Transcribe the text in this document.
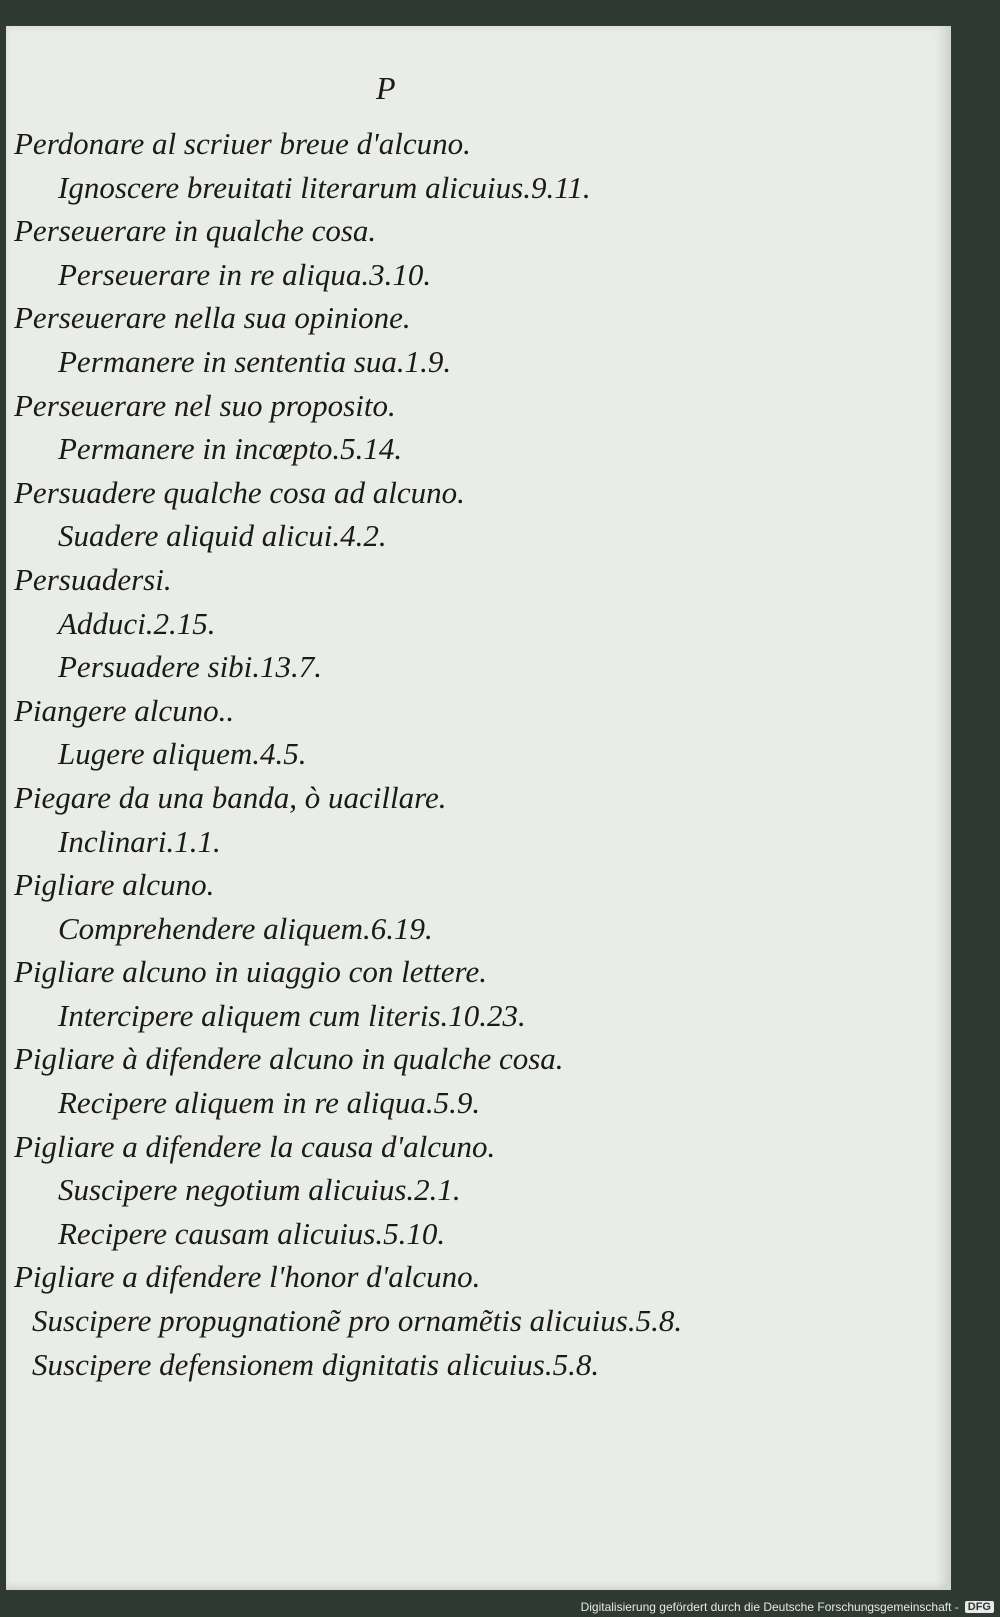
P
Perdonare al scriuer breue d'alcuno.
Ignoscere breuitati literarum alicuius.9.11.
Perseuerare in qualche cosa.
Perseuerare in re aliqua.3.10.
Perseuerare nella sua opinione.
Permanere in sententia sua.1.9.
Perseuerare nel suo proposito.
Permanere in incœpto.5.14.
Persuadere qualche cosa ad alcuno.
Suadere aliquid alicui.4.2.
Persuadersi.
Adduci.2.15.
Persuadere sibi.13.7.
Piangere alcuno..
Lugere aliquem.4.5.
Piegare da una banda, ò uacillare.
Inclinari.1.1.
Pigliare alcuno.
Comprehendere aliquem.6.19.
Pigliare alcuno in uiaggio con lettere.
Intercipere aliquem cum literis.10.23.
Pigliare à difendere alcuno in qualche cosa.
Recipere aliquem in re aliqua.5.9.
Pigliare a difendere la causa d'alcuno.
Suscipere negotium alicuius.2.1.
Recipere causam alicuius.5.10.
Pigliare a difendere l'honor d'alcuno.
Suscipere propugnationẽ pro ornamẽtis alicuius.5.8.
Suscipere defensionem dignitatis alicuius.5.8.
Digitalisierung gefördert durch die Deutsche Forschungsgemeinschaft - DFG
